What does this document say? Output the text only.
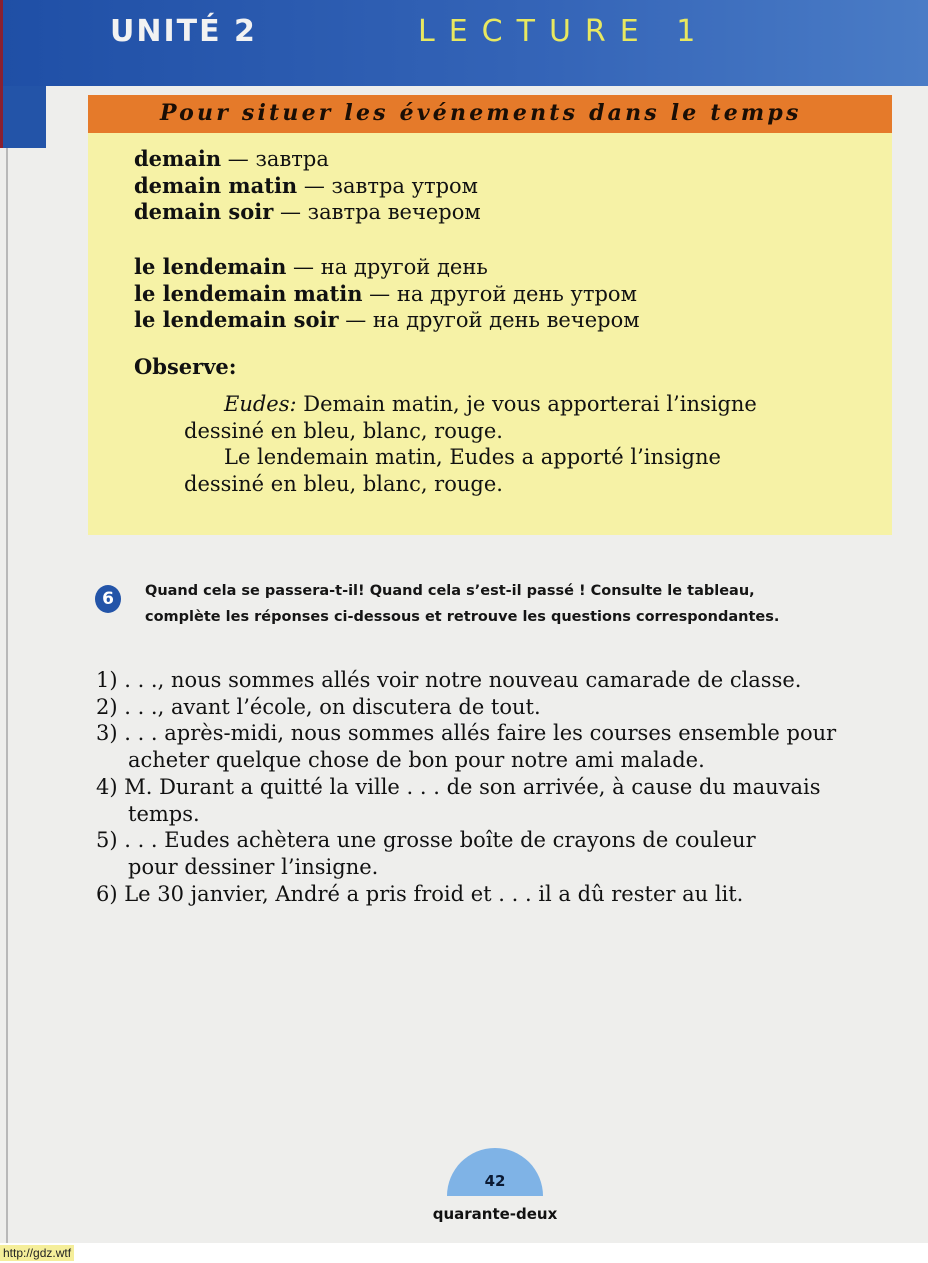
UNITÉ 2	LECTURE 1
Pour situer les événements dans le temps
demain — завтра
demain matin — завтра утром
demain soir — завтра вечером
le lendemain — на другой день
le lendemain matin — на другой день утром
le lendemain soir — на другой день вечером
Observe:
Eudes: Demain matin, je vous apporterai l’insigne
dessiné en bleu, blanc, rouge.
Le lendemain matin, Eudes a apporté l’insigne
dessiné en bleu, blanc, rouge.
6	Quand cela se passera-t-il! Quand cela s’est-il passé ! Consulte le tableau, complète les réponses ci-dessous et retrouve les questions correspondantes.
1) . . ., nous sommes allés voir notre nouveau camarade de classe.
2) . . ., avant l’école, on discutera de tout.
3) . . . après-midi, nous sommes allés faire les courses ensemble pour acheter quelque chose de bon pour notre ami malade.
4) M. Durant a quitté la ville . . . de son arrivée, à cause du mauvais temps.
5) . . . Eudes achètera une grosse boîte de crayons de couleur pour dessiner l’insigne.
6) Le 30 janvier, André a pris froid et . . . il a dû rester au lit.
42
quarante-deux
http://gdz.wtf
